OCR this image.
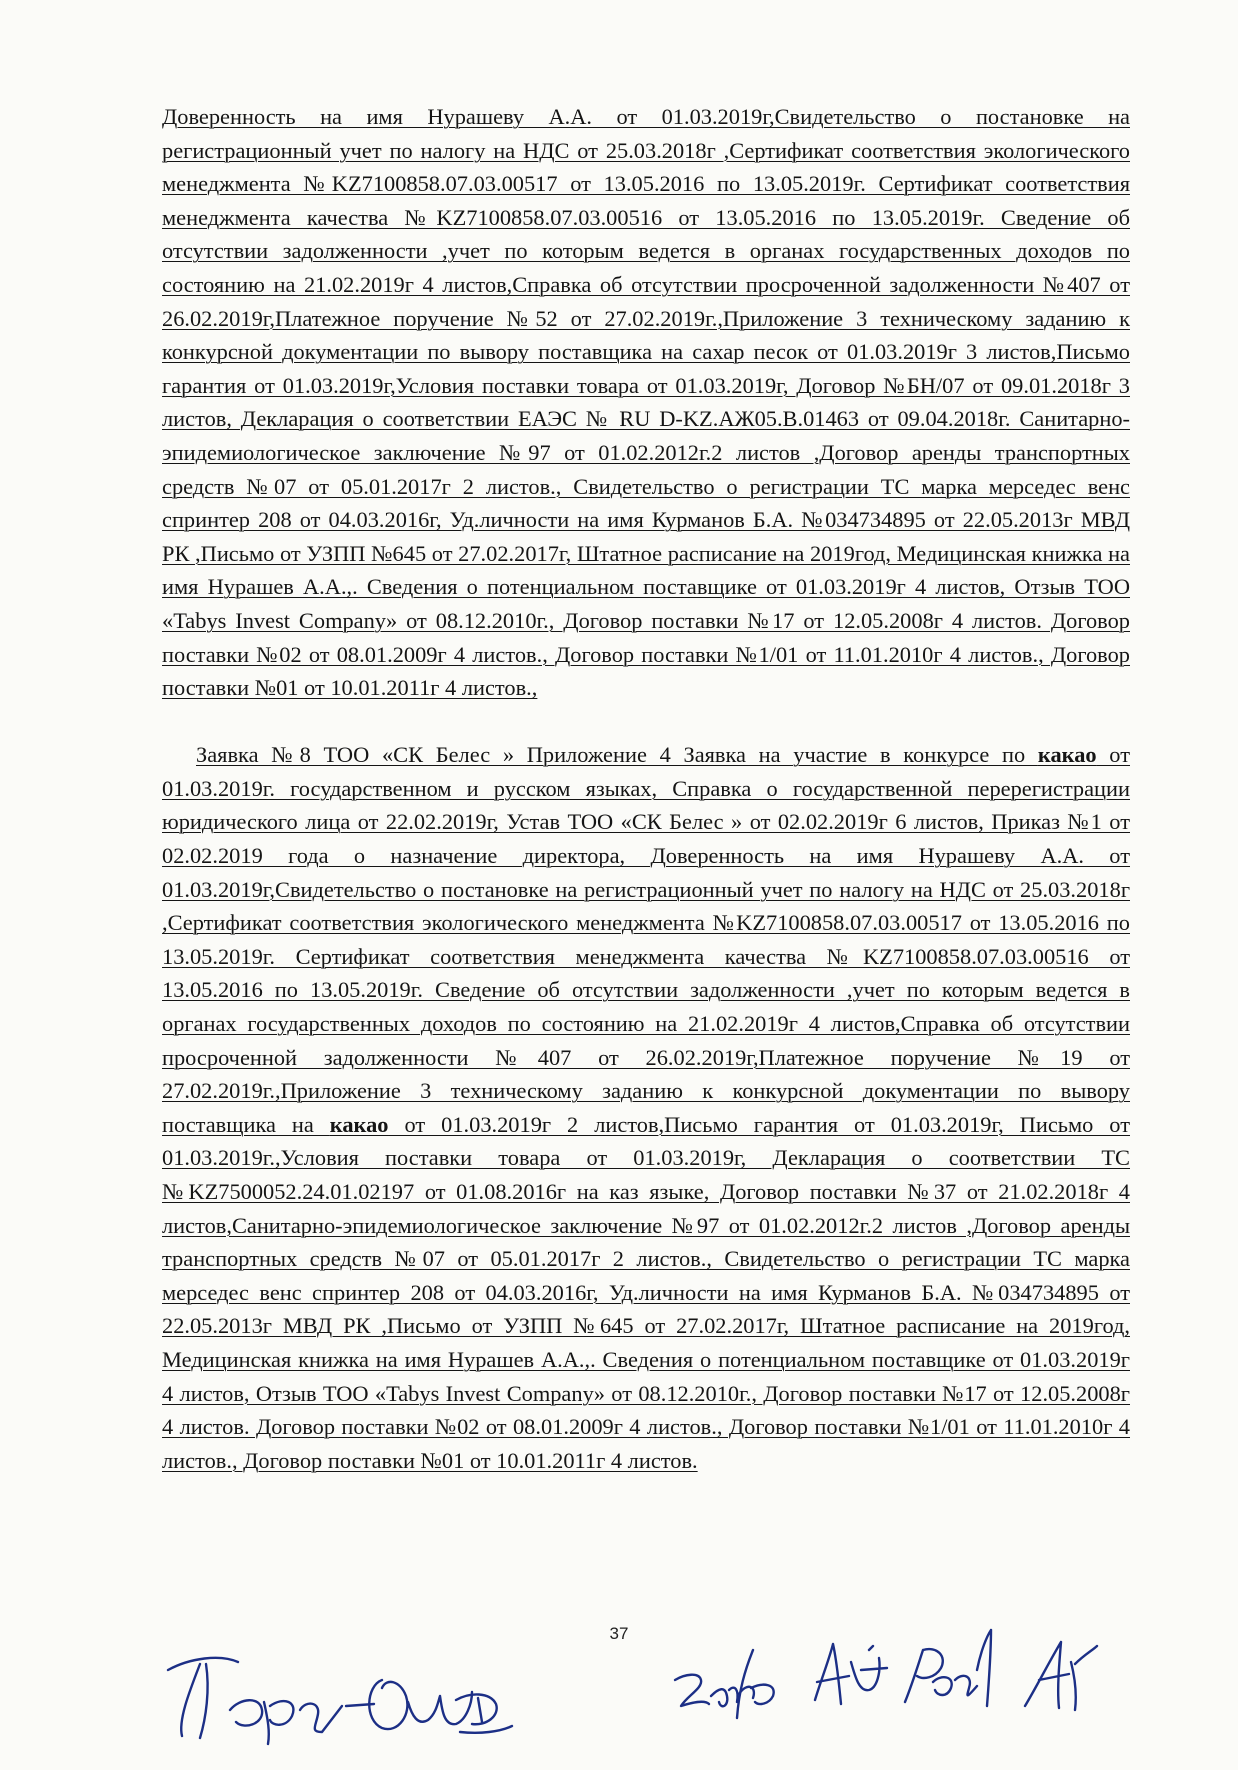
Доверенность на имя Нурашеву А.А. от 01.03.2019г,Свидетельство о постановке на регистрационный учет по налогу на НДС от 25.03.2018г ,Сертификат соответствия экологического менеджмента №KZ7100858.07.03.00517 от 13.05.2016 по 13.05.2019г. Сертификат соответствия менеджмента качества №KZ7100858.07.03.00516 от 13.05.2016 по 13.05.2019г. Сведение об отсутствии задолженности ,учет по которым ведется в органах государственных доходов по состоянию на 21.02.2019г 4 листов,Справка об отсутствии просроченной задолженности №407 от 26.02.2019г,Платежное поручение №52 от 27.02.2019г.,Приложение 3 техническому заданию к конкурсной документации по вывору поставщика на сахар песок от 01.03.2019г 3 листов,Письмо гарантия от 01.03.2019г,Условия поставки товара от 01.03.2019г, Договор №БН/07 от 09.01.2018г 3 листов, Декларация о соответствии ЕАЭС № RU D-KZ.АЖ05.В.01463 от 09.04.2018г. Санитарно-эпидемиологическое заключение №97 от 01.02.2012г.2 листов ,Договор аренды транспортных средств №07 от 05.01.2017г 2 листов., Свидетельство о регистрации ТС марка мерседес венс спринтер 208 от 04.03.2016г, Уд.личности на имя Курманов Б.А. №034734895 от 22.05.2013г МВД РК ,Письмо от УЗПП №645 от 27.02.2017г, Штатное расписание на 2019год, Медицинская книжка на имя Нурашев А.А.,. Сведения о потенциальном поставщике от 01.03.2019г 4 листов, Отзыв ТОО «Tabys Invest Company» от 08.12.2010г., Договор поставки №17 от 12.05.2008г 4 листов. Договор поставки №02 от 08.01.2009г 4 листов., Договор поставки №1/01 от 11.01.2010г 4 листов., Договор поставки №01 от 10.01.2011г 4 листов.,

Заявка №8 ТОО «СК Белес » Приложение 4 Заявка на участие в конкурсе по какао от 01.03.2019г. государственном и русском языках, Справка о государственной перерегистрации юридического лица от 22.02.2019г, Устав ТОО «СК Белес » от 02.02.2019г 6 листов, Приказ №1 от 02.02.2019 года о назначение директора, Доверенность на имя Нурашеву А.А. от 01.03.2019г,Свидетельство о постановке на регистрационный учет по налогу на НДС от 25.03.2018г ,Сертификат соответствия экологического менеджмента №KZ7100858.07.03.00517 от 13.05.2016 по 13.05.2019г. Сертификат соответствия менеджмента качества №KZ7100858.07.03.00516 от 13.05.2016 по 13.05.2019г. Сведение об отсутствии задолженности ,учет по которым ведется в органах государственных доходов по состоянию на 21.02.2019г 4 листов,Справка об отсутствии просроченной задолженности №407 от 26.02.2019г,Платежное поручение №19 от 27.02.2019г.,Приложение 3 техническому заданию к конкурсной документации по вывору поставщика на какао от 01.03.2019г 2 листов,Письмо гарантия от 01.03.2019г, Письмо от 01.03.2019г.,Условия поставки товара от 01.03.2019г, Декларация о соответствии ТС №KZ7500052.24.01.02197 от 01.08.2016г на каз языке, Договор поставки №37 от 21.02.2018г 4 листов,Санитарно-эпидемиологическое заключение №97 от 01.02.2012г.2 листов ,Договор аренды транспортных средств №07 от 05.01.2017г 2 листов., Свидетельство о регистрации ТС марка мерседес венс спринтер 208 от 04.03.2016г, Уд.личности на имя Курманов Б.А. №034734895 от 22.05.2013г МВД РК ,Письмо от УЗПП №645 от 27.02.2017г, Штатное расписание на 2019год, Медицинская книжка на имя Нурашев А.А.,. Сведения о потенциальном поставщике от 01.03.2019г 4 листов, Отзыв ТОО «Tabys Invest Company» от 08.12.2010г., Договор поставки №17 от 12.05.2008г 4 листов. Договор поставки №02 от 08.01.2009г 4 листов., Договор поставки №1/01 от 11.01.2010г 4 листов., Договор поставки №01 от 10.01.2011г 4 листов.

37
